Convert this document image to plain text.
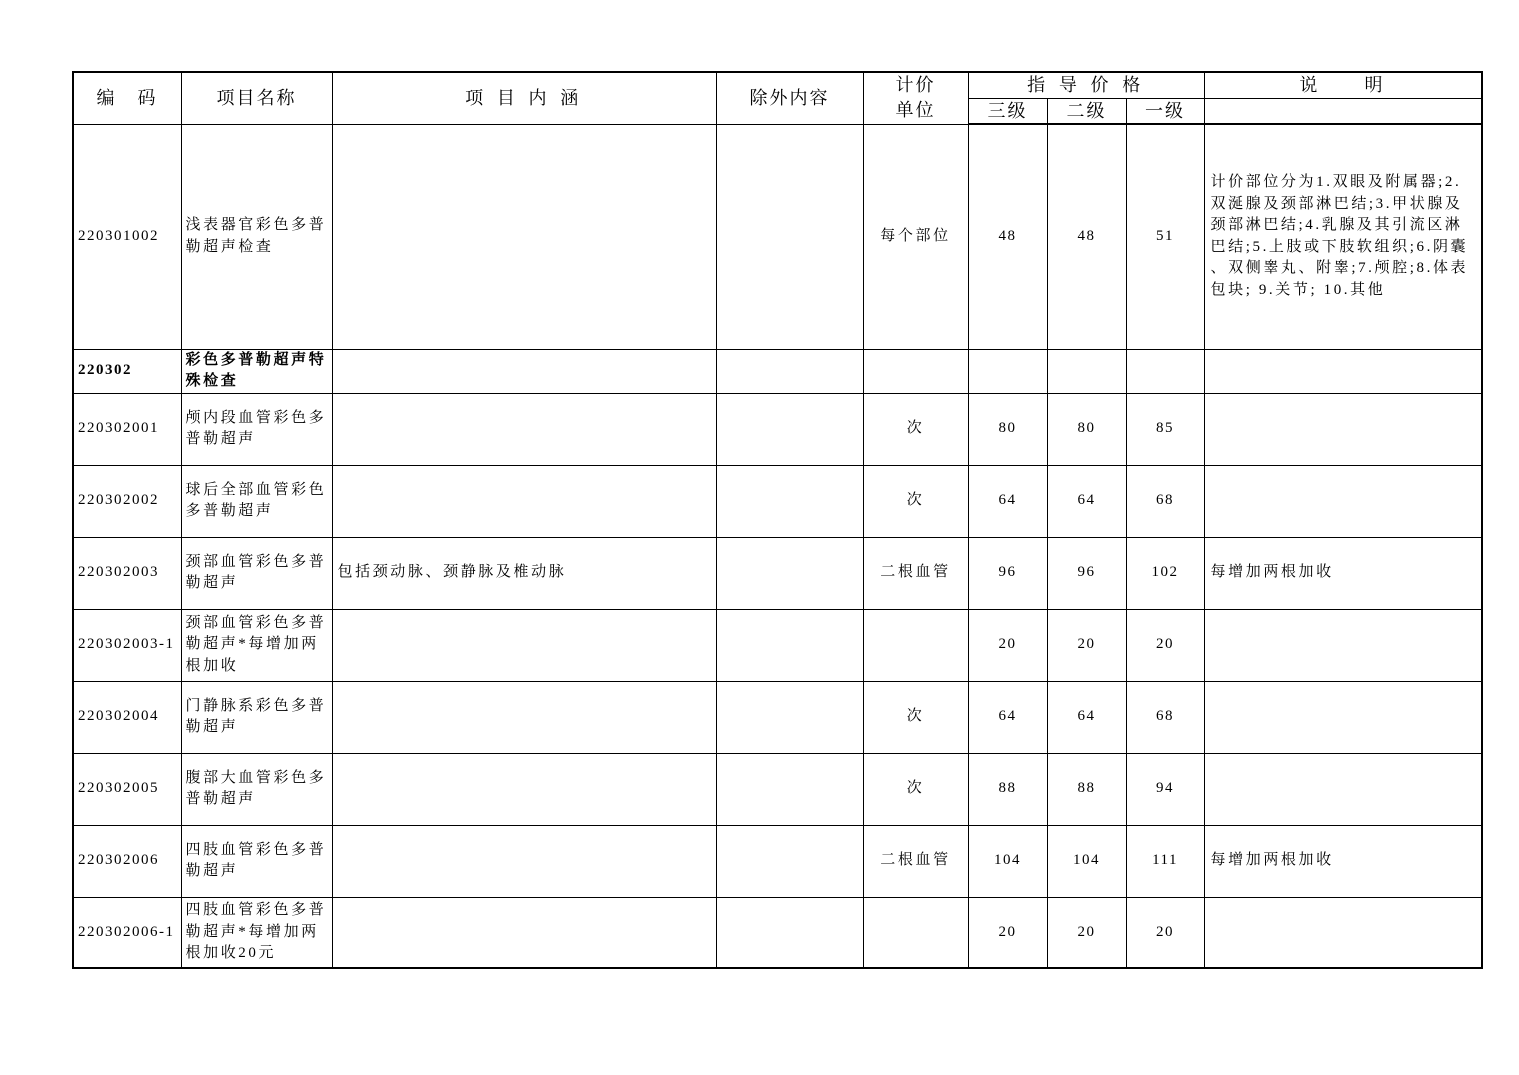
编　码	项目名称	项 目 内 涵	除外内容	计价
单位	指 导 价 格			说　　明
					三级	二级	一级	
220301002	浅表器官彩色多普勒超声检查			每个部位	48	48	51	计价部位分为1.双眼及附属器;2.双涎腺及颈部淋巴结;3.甲状腺及颈部淋巴结;4.乳腺及其引流区淋巴结;5.上肢或下肢软组织;6.阴囊、双侧睾丸、附睾;7.颅腔;8.体表包块; 9.关节; 10.其他
220302	彩色多普勒超声特殊检查							
220302001	颅内段血管彩色多普勒超声			次	80	80	85	
220302002	球后全部血管彩色多普勒超声			次	64	64	68	
220302003	颈部血管彩色多普勒超声	包括颈动脉、颈静脉及椎动脉		二根血管	96	96	102	每增加两根加收
220302003-1	颈部血管彩色多普勒超声*每增加两根加收				20	20	20	
220302004	门静脉系彩色多普勒超声			次	64	64	68	
220302005	腹部大血管彩色多普勒超声			次	88	88	94	
220302006	四肢血管彩色多普勒超声			二根血管	104	104	111	每增加两根加收
220302006-1	四肢血管彩色多普勒超声*每增加两根加收20元				20	20	20	
